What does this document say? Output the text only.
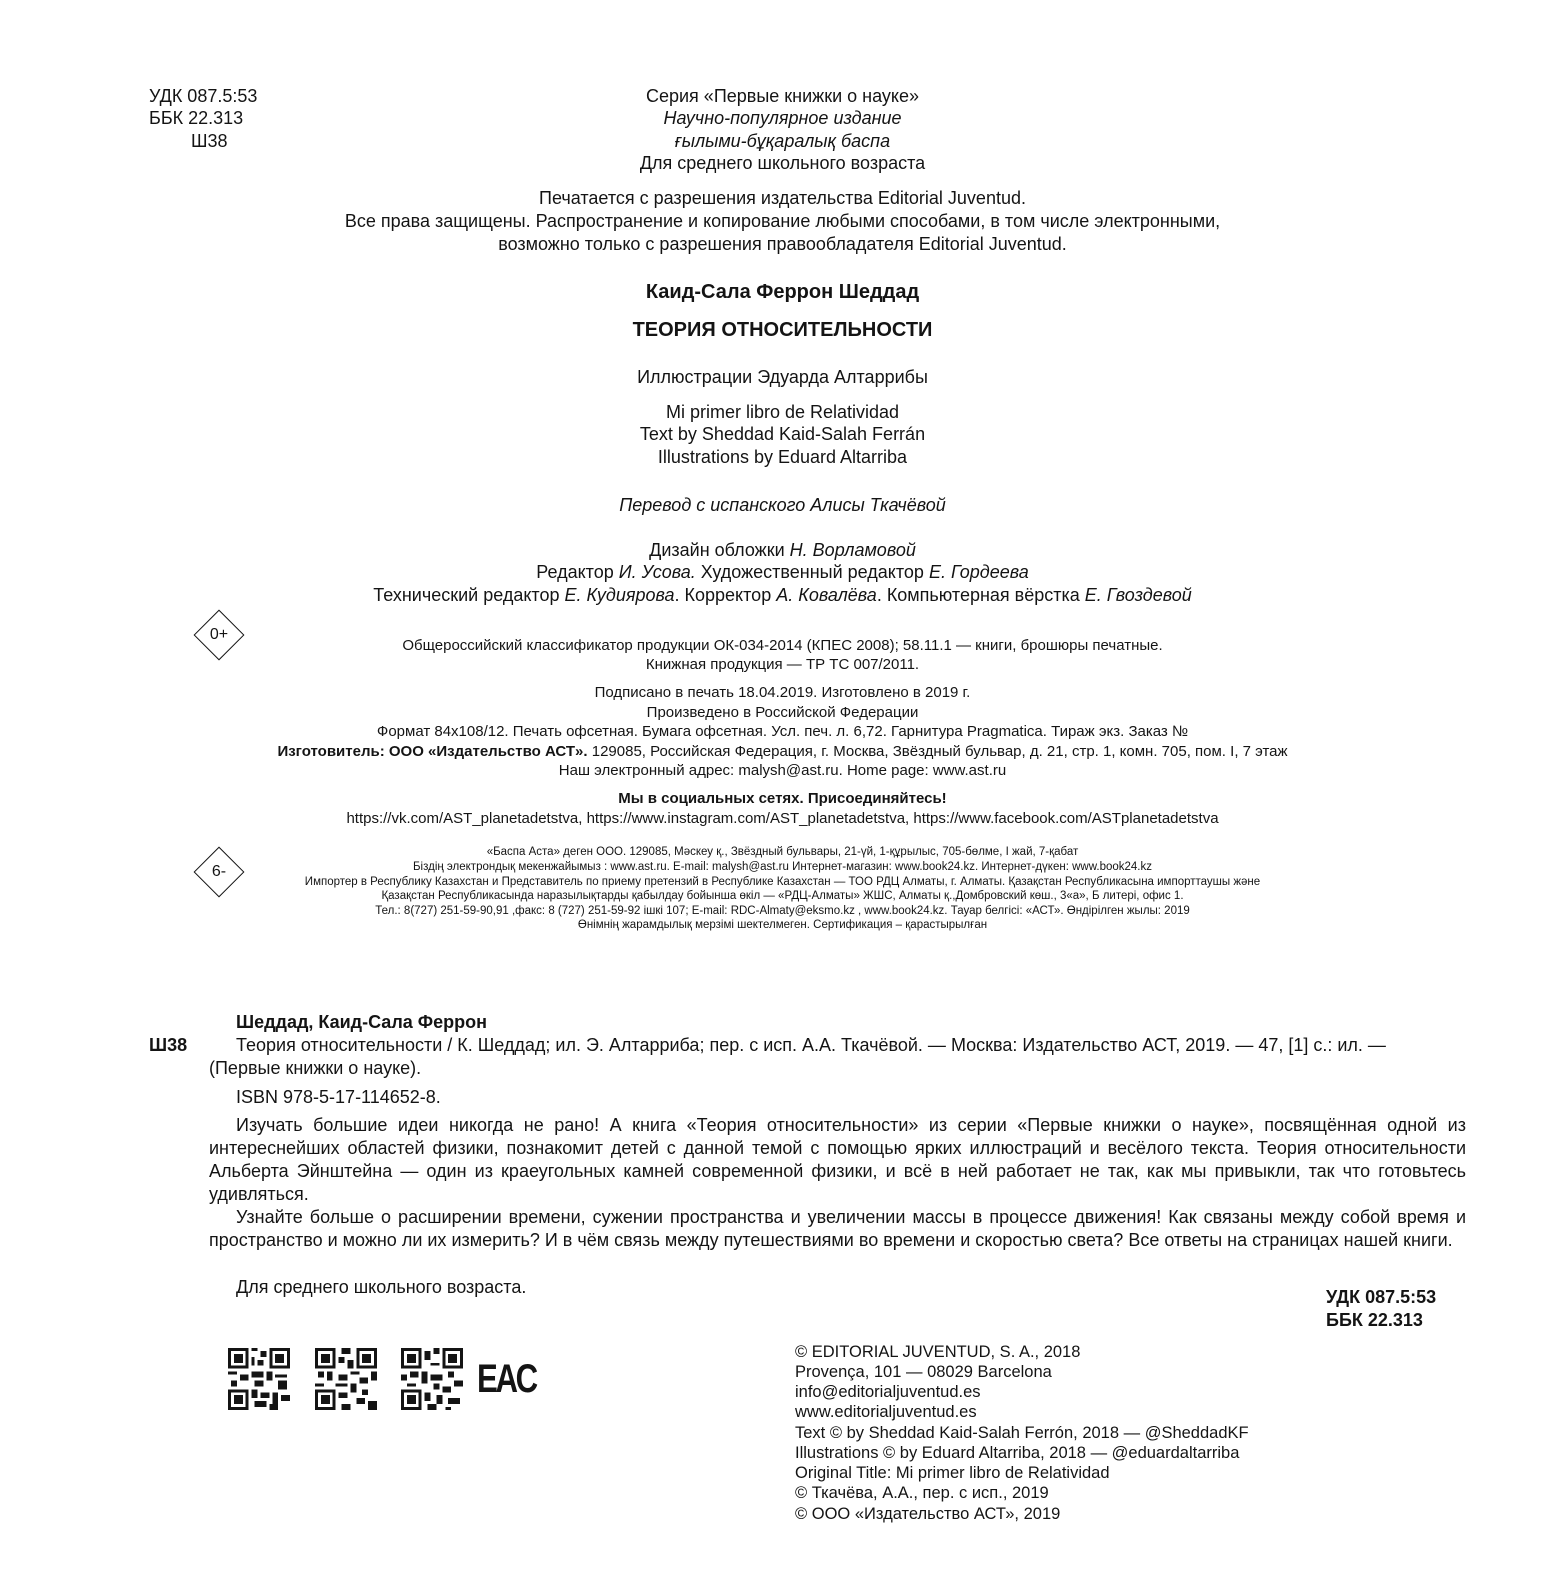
УДК 087.5:53
ББК 22.313
Ш38
Серия «Первые книжки о науке»
Научно-популярное издание
ғылыми-бұқаралық баспа
Для среднего школьного возраста
Печатается с разрешения издательства Editorial Juventud.
Все права защищены. Распространение и копирование любыми способами, в том числе электронными,
возможно только с разрешения правообладателя Editorial Juventud.
Каид-Сала Феррон Шеддад
ТЕОРИЯ ОТНОСИТЕЛЬНОСТИ
Иллюстрации Эдуарда Алтаррибы
Mi primer libro de Relatividad
Text by Sheddad Kaid-Salah Ferrán
Illustrations by Eduard Altarriba
Перевод с испанского Алисы Ткачёвой
Дизайн обложки Н. Ворламовой
Редактор И. Усова. Художественный редактор Е. Гордеева
Технический редактор Е. Кудиярова. Корректор А. Ковалёва. Компьютерная вёрстка Е. Гвоздевой
0+
6-
Общероссийский классификатор продукции ОК-034-2014 (КПЕС 2008); 58.11.1 — книги, брошюры печатные.
Книжная продукция — ТР ТС 007/2011.
Подписано в печать 18.04.2019. Изготовлено в 2019 г.
Произведено в Российской Федерации
Формат 84х108/12. Печать офсетная. Бумага офсетная. Усл. печ. л. 6,72. Гарнитура Pragmatica. Тираж экз. Заказ №
Изготовитель: ООО «Издательство АСТ». 129085, Российская Федерация, г. Москва, Звёздный бульвар, д. 21, стр. 1, комн. 705, пом. I, 7 этаж
Наш электронный адрес: malysh@ast.ru. Home page: www.ast.ru
Мы в социальных сетях. Присоединяйтесь!
https://vk.com/AST_planetadetstva, https://www.instagram.com/AST_planetadetstva, https://www.facebook.com/ASTplanetadetstva
«Баспа Аста» деген ООО. 129085, Мәскеу қ., Звёздный бульвары, 21-үй, 1-құрылыс, 705-бөлме, I жай, 7-қабат
Біздің электрондық мекенжайымыз : www.ast.ru. E-mail: malysh@ast.ru Интернет-магазин: www.book24.kz. Интернет-дүкен: www.book24.kz
Импортер в Республику Казахстан и Представитель по приему претензий в Республике Казахстан — ТОО РДЦ Алматы, г. Алматы. Қазақстан Республикасына импорттаушы және
Қазақстан Республикасында наразылықтарды қабылдау бойынша өкіл — «РДЦ-Алматы» ЖШС, Алматы қ.,Домбровский көш., 3«а», Б литері, офис 1.
Тел.: 8(727) 251-59-90,91 ,факс: 8 (727) 251-59-92 ішкі 107; E-mail: RDC-Almaty@eksmo.kz , www.book24.kz. Тауар белгісі: «АСТ». Өндірілген жылы: 2019
Өнімнің жарамдылық мерзімі шектелмеген. Сертификация – қарастырылған
Шеддад, Каид-Сала Феррон
Ш38	Теория относительности / К. Шеддад; ил. Э. Алтарриба; пер. с исп. А.А. Ткачёвой. — Москва: Издательство АСТ, 2019. — 47, [1] с.: ил. —
(Первые книжки о науке).
ISBN 978-5-17-114652-8.

Изучать большие идеи никогда не рано! А книга «Теория относительности» из серии «Первые книжки о науке», посвящённая одной из интереснейших областей физики, познакомит детей с данной темой с помощью ярких иллюстраций и весёлого текста. Теория относительности Альберта Эйнштейна — один из краеугольных камней современной физики, и всё в ней работает не так, как мы привыкли, так что готовьтесь удивляться.

Узнайте больше о расширении времени, сужении пространства и увеличении массы в процессе движения! Как связаны между собой время и пространство и можно ли их измерить? И в чём связь между путешествиями во времени и скоростью света? Все ответы на страницах нашей книги.

Для среднего школьного возраста.	УДК 087.5:53
ББК 22.313
EAC
© EDITORIAL JUVENTUD, S. A., 2018
Provença, 101 — 08029 Barcelona
info@editorialjuventud.es
www.editorialjuventud.es
Text © by Sheddad Kaid-Salah Ferrón, 2018 — @SheddadKF
Illustrations © by Eduard Altarriba, 2018 — @eduardaltarriba
Original Title: Mi primer libro de Relatividad
© Ткачёва, А.А., пер. с исп., 2019
© ООО «Издательство АСТ», 2019
